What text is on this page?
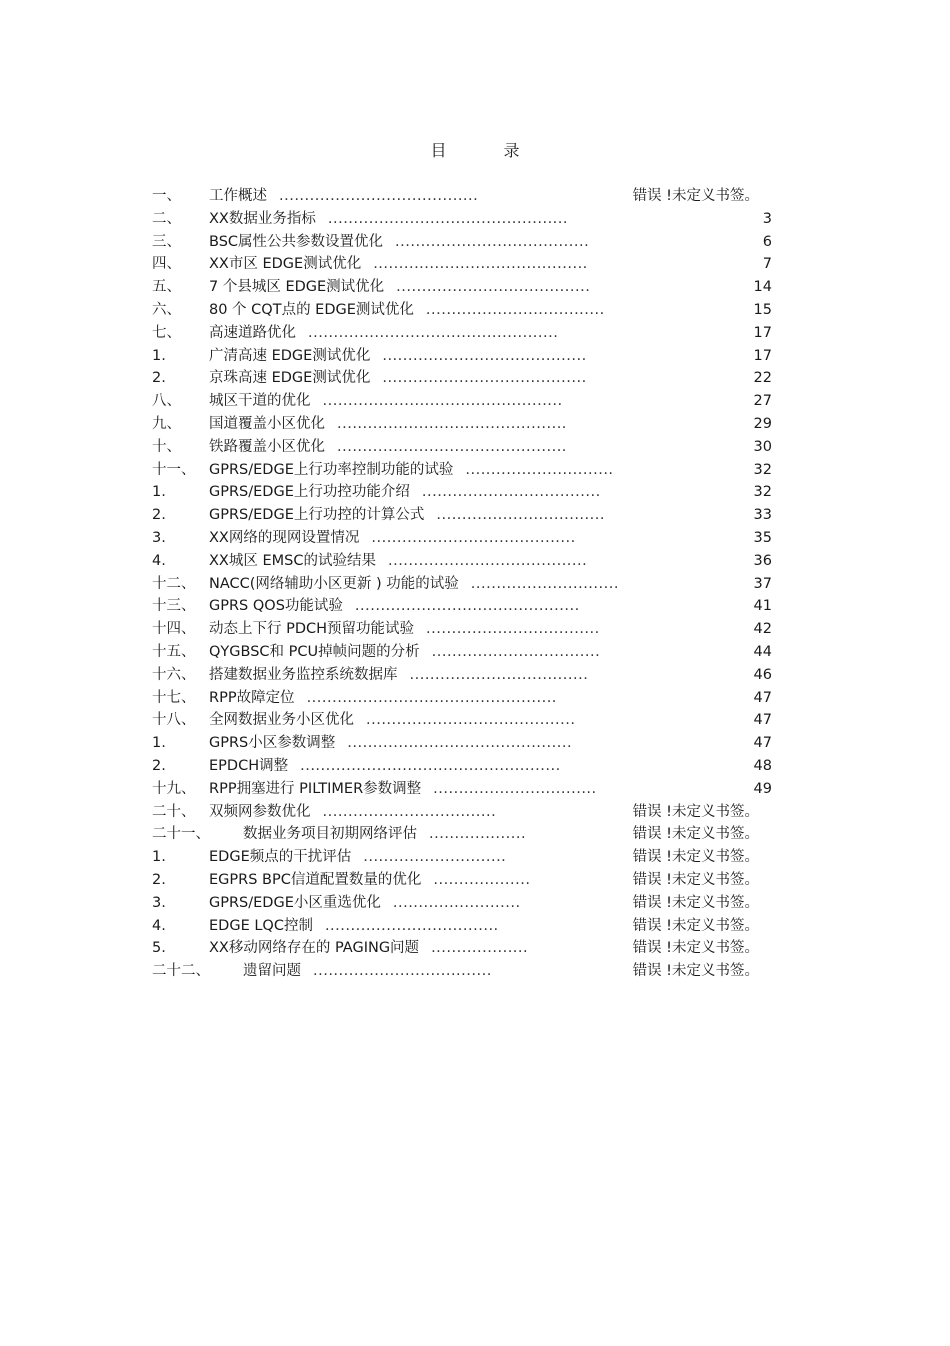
目 录
一、 工作概述 .......................................	错误 !未定义书签。
二、 XX数据业务指标 ...............................................	3
三、 BSC属性公共参数设置优化 ......................................	6
四、 XX市区 EDGE测试优化 ..........................................	7
五、 7 个县城区 EDGE测试优化 ......................................	14
六、 80 个 CQT点的 EDGE测试优化 ...................................	15
七、 高速道路优化 .................................................	17
1.	广清高速 EDGE测试优化 ........................................	17
2.	京珠高速 EDGE测试优化 ........................................	22
八、 城区干道的优化 ...............................................	27
九、 国道覆盖小区优化 .............................................	29
十、 铁路覆盖小区优化 .............................................	30
十一、 GPRS/EDGE上行功率控制功能的试验 .............................	32
1.	GPRS/EDGE上行功控功能介绍 ...................................	32
2.	GPRS/EDGE上行功控的计算公式 .................................	33
3.	XX网络的现网设置情况 ........................................	35
4.	XX城区 EMSC的试验结果 .......................................	36
十二、 NACC(网络辅助小区更新 ) 功能的试验 .............................	37
十三、 GPRS QOS功能试验 ............................................	41
十四、 动态上下行 PDCH预留功能试验 ..................................	42
十五、 QYGBSC和 PCU掉帧问题的分析 .................................	44
十六、 搭建数据业务监控系统数据库 ...................................	46
十七、 RPP故障定位 .................................................	47
十八、 全网数据业务小区优化 .........................................	47
1.	GPRS小区参数调整 ............................................	47
2.	EPDCH调整 ...................................................	48
十九、 RPP拥塞进行 PILTIMER参数调整 ................................	49
二十、 双频网参数优化 ..................................	错误 !未定义书签。
二十一、 数据业务项目初期网络评估 ...................	错误 !未定义书签。
1.	EDGE频点的干扰评估 ............................	错误 !未定义书签。
2.	EGPRS BPC信道配置数量的优化 ...................	错误 !未定义书签。
3.	GPRS/EDGE小区重选优化 .........................	错误 !未定义书签。
4.	EDGE LQC控制 ..................................	错误 !未定义书签。
5.	XX移动网络存在的 PAGING问题 ...................	错误 !未定义书签。
二十二、 遗留问题 ...................................	错误 !未定义书签。
